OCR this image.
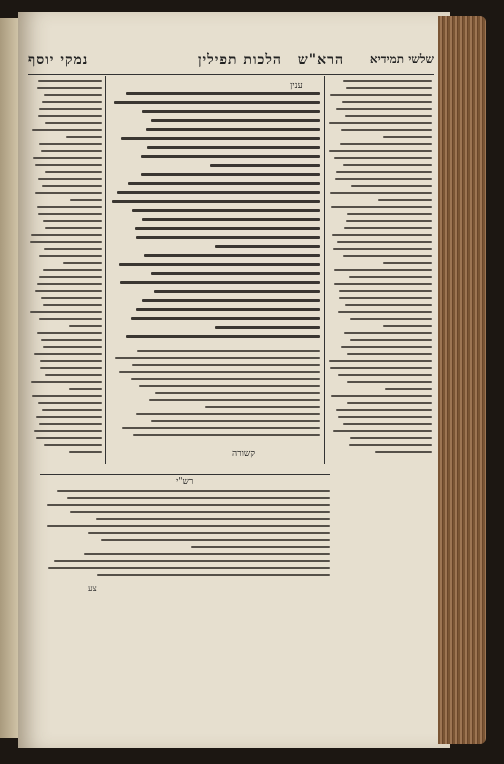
שלשי תמידיא
הרא"ש
הלכות תפילין
נמקי יוסף
ענין
קשורה
רש"י
צע
